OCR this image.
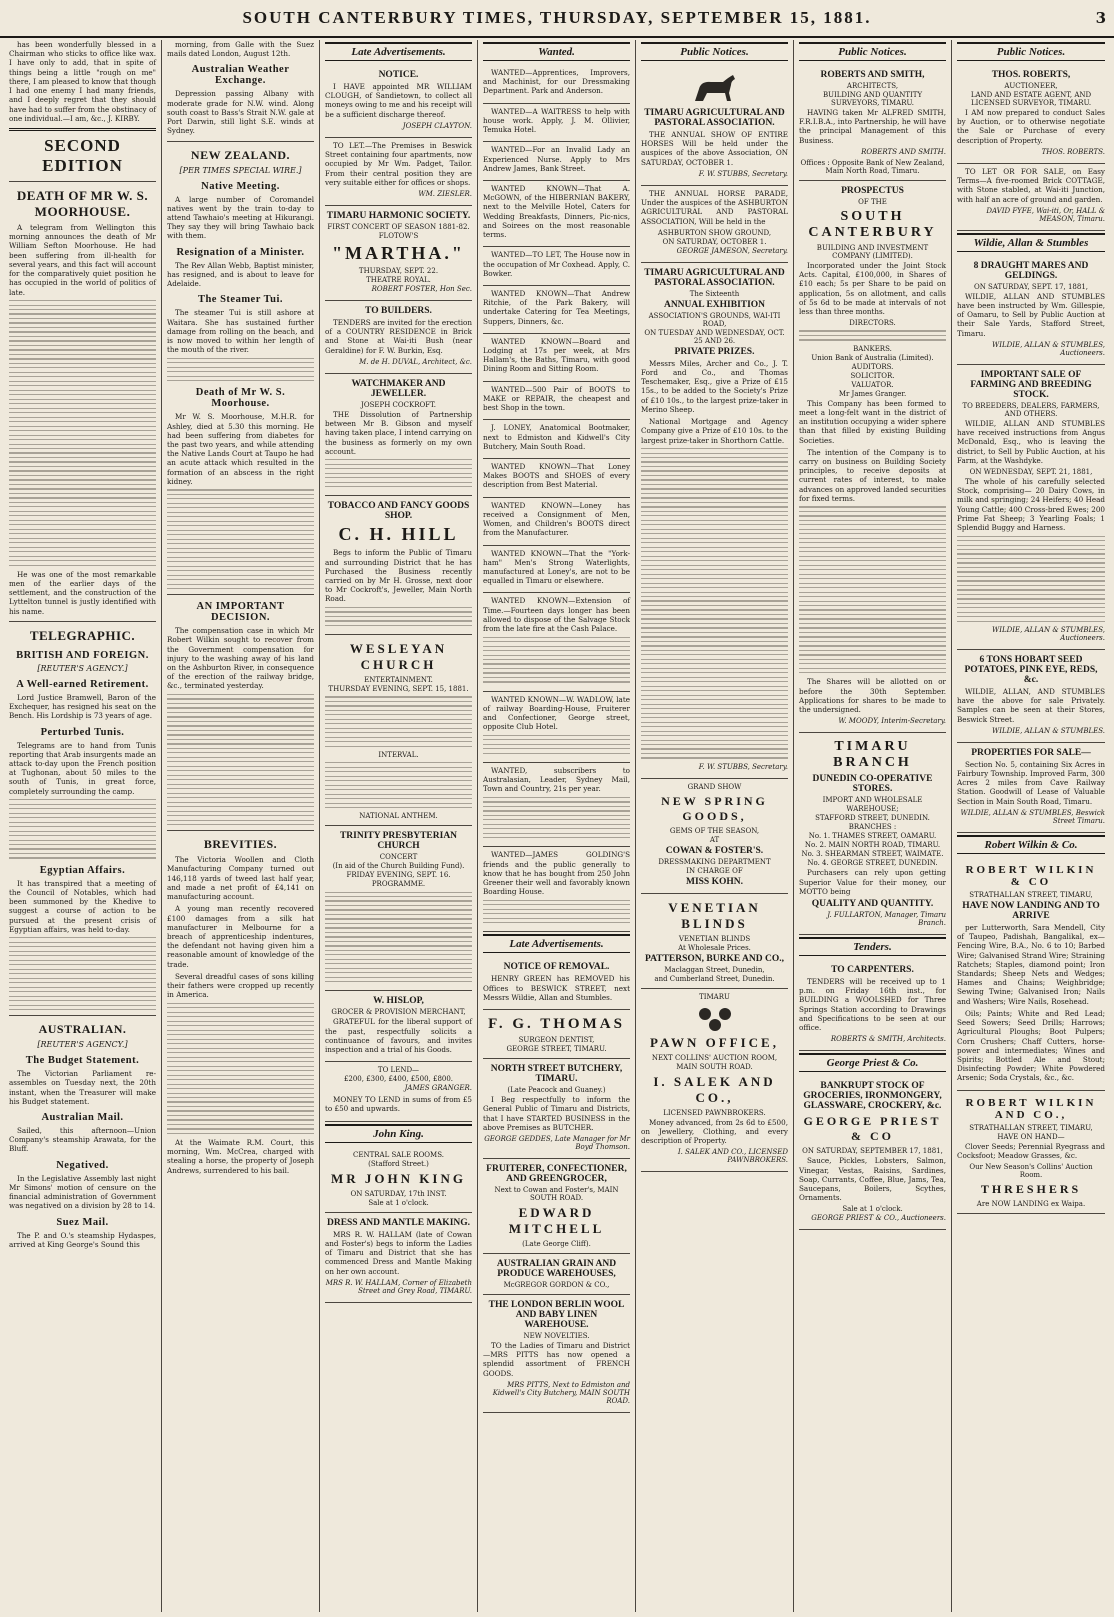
SOUTH CANTERBURY TIMES, THURSDAY, SEPTEMBER 15, 1881.	3

has been wonderfully blessed in a Chairman who sticks to office like wax. I have only to add, that in spite of things being a little "rough on me" there, I am pleased to know that though I had one enemy I had many friends, and I deeply regret that they should have had to suffer from the obstinacy of one individual.—I am, &c., J. KIRBY.

SECOND EDITION
DEATH OF MR W. S. MOORHOUSE.

A telegram from Wellington this morning announces the death of Mr William Sefton Moorhouse. He had been suffering from ill-health for several years, and this fact will account for the comparatively quiet position he has occupied in the world of politics of late.

He was one of the most remarkable men of the earlier days of the settlement, and the construction of the Lyttelton tunnel is justly identified with his name.

TELEGRAPHIC.
BRITISH AND FOREIGN.
[REUTER'S AGENCY.]
A Well-earned Retirement.

Lord Justice Bramwell, Baron of the Exchequer, has resigned his seat on the Bench. His Lordship is 73 years of age.

Perturbed Tunis.

Telegrams are to hand from Tunis reporting that Arab insurgents made an attack to-day upon the French position at Tughonan, about 50 miles to the south of Tunis, in great force, completely surrounding the camp.

Egyptian Affairs.

It has transpired that a meeting of the Council of Notables, which had been summoned by the Khedive to suggest a course of action to be pursued at the present crisis of Egyptian affairs, was held to-day.

AUSTRALIAN.
[REUTER'S AGENCY.]
The Budget Statement.

The Victorian Parliament re-assembles on Tuesday next, the 20th instant, when the Treasurer will make his Budget statement.

Australian Mail.

Sailed, this afternoon—Union Company's steamship Arawata, for the Bluff.

Negatived.

In the Legislative Assembly last night Mr Simons' motion of censure on the financial administration of Government was negatived on a division by 28 to 14.

Suez Mail.

The P. and O.'s steamship Hydaspes, arrived at King George's Sound this

morning, from Galle with the Suez mails dated London, August 12th.

Australian Weather Exchange.

Depression passing Albany with moderate grade for N.W. wind. Along south coast to Bass's Strait N.W. gale at Port Darwin, still light S.E. winds at Sydney.

NEW ZEALAND.
[PER TIMES SPECIAL WIRE.]
Native Meeting.

A large number of Coromandel natives went by the train to-day to attend Tawhaio's meeting at Hikurangi. They say they will bring Tawhaio back with them.

Resignation of a Minister.

The Rev Allan Webb, Baptist minister, has resigned, and is about to leave for Adelaide.

The Steamer Tui.

The steamer Tui is still ashore at Waitara. She has sustained further damage from rolling on the beach, and is now moved to within her length of the mouth of the river.

Death of Mr W. S. Moorhouse.

Mr W. S. Moorhouse, M.H.R. for Ashley, died at 5.30 this morning. He had been suffering from diabetes for the past two years, and while attending the Native Lands Court at Taupo he had an acute attack which resulted in the formation of an abscess in the right kidney.

AN IMPORTANT DECISION.

The compensation case in which Mr Robert Wilkin sought to recover from the Government compensation for injury to the washing away of his land on the Ashburton River, in consequence of the erection of the railway bridge, &c., terminated yesterday.

BREVITIES.

The Victoria Woollen and Cloth Manufacturing Company turned out 146,118 yards of tweed last half year, and made a net profit of £4,141 on manufacturing account.

A young man recently recovered £100 damages from a silk hat manufacturer in Melbourne for a breach of apprenticeship indentures, the defendant not having given him a reasonable amount of knowledge of the trade.

Several dreadful cases of sons killing their fathers were cropped up recently in America.

At the Waimate R.M. Court, this morning, Wm. McCrea, charged with stealing a horse, the property of Joseph Andrews, surrendered to his bail.

Late Advertisements.
NOTICE.

I HAVE appointed MR WILLIAM CLOUGH, of Sandietown, to collect all moneys owing to me and his receipt will be a sufficient discharge thereof.

JOSEPH CLAYTON.

TO LET.—The Premises in Beswick Street containing four apartments, now occupied by Mr Wm. Padget, Tailor. From their central position they are very suitable either for offices or shops.

WM. ZIESLER.
TIMARU HARMONIC SOCIETY.
FIRST CONCERT OF SEASON 1881-82.
FLOTOW'S
"MARTHA."
THURSDAY, SEPT. 22.
THEATRE ROYAL.
ROBERT FOSTER, Hon Sec.
TO BUILDERS.

TENDERS are invited for the erection of a COUNTRY RESIDENCE in Brick and Stone at Wai-iti Bush (near Geraldine) for F. W. Burkin, Esq.

M. de H. DUVAL, Architect, &c.
WATCHMAKER AND JEWELLER.
JOSEPH COCKROFT.

THE Dissolution of Partnership between Mr B. Gibson and myself having taken place, I intend carrying on the business as formerly on my own account.

TOBACCO AND FANCY GOODS SHOP.
C. H. HILL

Begs to inform the Public of Timaru and surrounding District that he has Purchased the Business recently carried on by Mr H. Grosse, next door to Mr Cockroft's, Jeweller, Main North Road.

WESLEYAN CHURCH
ENTERTAINMENT.
THURSDAY EVENING, SEPT. 15, 1881.
INTERVAL.
NATIONAL ANTHEM.
TRINITY PRESBYTERIAN CHURCH
CONCERT
(In aid of the Church Building Fund).
FRIDAY EVENING, SEPT. 16.
PROGRAMME.
W. HISLOP,
GROCER & PROVISION MERCHANT,

GRATEFUL for the liberal support of the past, respectfully solicits a continuance of favours, and invites inspection and a trial of his Goods.

TO LEND—
£200, £300, £400, £500, £800.
JAMES GRANGER.

MONEY TO LEND in sums of from £5 to £50 and upwards.

John King.
CENTRAL SALE ROOMS.
(Stafford Street.)
MR JOHN KING
ON SATURDAY, 17th INST.
Sale at 1 o'clock.
DRESS AND MANTLE MAKING.

MRS R. W. HALLAM (late of Cowan and Foster's) begs to inform the Ladies of Timaru and District that she has commenced Dress and Mantle Making on her own account.

MRS R. W. HALLAM, Corner of Elizabeth Street and Grey Road, TIMARU.
Wanted.

WANTED—Apprentices, Improvers, and Machinist, for our Dressmaking Department. Park and Anderson.

WANTED—A WAITRESS to help with house work. Apply, J. M. Ollivier, Temuka Hotel.

WANTED—For an Invalid Lady an Experienced Nurse. Apply to Mrs Andrew James, Bank Street.

WANTED KNOWN—That A. McGOWN, of the HIBERNIAN BAKERY, next to the Melville Hotel, Caters for Wedding Breakfasts, Dinners, Pic-nics, and Soirees on the most reasonable terms.

WANTED—TO LET, The House now in the occupation of Mr Coxhead. Apply, C. Bowker.

WANTED KNOWN—That Andrew Ritchie, of the Park Bakery, will undertake Catering for Tea Meetings, Suppers, Dinners, &c.

WANTED KNOWN—Board and Lodging at 17s per week, at Mrs Hallam's, the Baths, Timaru, with good Dining Room and Sitting Room.

WANTED—500 Pair of BOOTS to MAKE or REPAIR, the cheapest and best Shop in the town.

J. LONEY, Anatomical Bootmaker, next to Edmiston and Kidwell's City Butchery, Main South Road.

WANTED KNOWN—That Loney Makes BOOTS and SHOES of every description from Best Material.

WANTED KNOWN—Loney has received a Consignment of Men, Women, and Children's BOOTS direct from the Manufacturer.

WANTED KNOWN—That the "York-ham" Men's Strong Waterlights, manufactured at Loney's, are not to be equalled in Timaru or elsewhere.

WANTED KNOWN—Extension of Time.—Fourteen days longer has been allowed to dispose of the Salvage Stock from the late fire at the Cash Palace.

WANTED KNOWN—W. WADLOW, late of railway Boarding-House, Fruiterer and Confectioner, George street, opposite Club Hotel.

WANTED, subscribers to Australasian, Leader, Sydney Mail, Town and Country, 21s per year.

WANTED—JAMES GOLDING'S friends and the public generally to know that he has bought from 250 John Greener their well and favorably known Boarding House.

Late Advertisements.
NOTICE OF REMOVAL.

HENRY GREEN has REMOVED his Offices to BESWICK STREET, next Messrs Wildie, Allan and Stumbles.

F. G. THOMAS
SURGEON DENTIST,
GEORGE STREET, TIMARU.
NORTH STREET BUTCHERY, TIMARU.
(Late Peacock and Guaney.)

I Beg respectfully to inform the General Public of Timaru and Districts, that I have STARTED BUSINESS in the above Premises as BUTCHER.

GEORGE GEDDES, Late Manager for Mr Boyd Thomson.
FRUITERER, CONFECTIONER, AND GREENGROCER,
Next to Cowan and Foster's, MAIN SOUTH ROAD.
EDWARD MITCHELL
(Late George Cliff).
AUSTRALIAN GRAIN AND PRODUCE WAREHOUSES,
McGREGOR GORDON & CO.,
THE LONDON BERLIN WOOL AND BABY LINEN WAREHOUSE.
NEW NOVELTIES.

TO the Ladies of Timaru and District—MRS PITTS has now opened a splendid assortment of FRENCH GOODS.

MRS PITTS, Next to Edmiston and Kidwell's City Butchery, MAIN SOUTH ROAD.
Public Notices.
TIMARU AGRICULTURAL AND PASTORAL ASSOCIATION.

THE ANNUAL SHOW OF ENTIRE HORSES Will be held under the auspices of the above Association, ON SATURDAY, OCTOBER 1.

F. W. STUBBS, Secretary.

THE ANNUAL HORSE PARADE, Under the auspices of the ASHBURTON AGRICULTURAL AND PASTORAL ASSOCIATION, Will be held in the

ASHBURTON SHOW GROUND,
ON SATURDAY, OCTOBER 1.
GEORGE JAMESON, Secretary.
TIMARU AGRICULTURAL AND PASTORAL ASSOCIATION.
The Sixteenth
ANNUAL EXHIBITION
ASSOCIATION'S GROUNDS, WAI-ITI ROAD,
ON TUESDAY AND WEDNESDAY, OCT. 25 AND 26.
PRIVATE PRIZES.

Messrs Miles, Archer and Co., J. T. Ford and Co., and Thomas Teschemaker, Esq., give a Prize of £15 15s., to be added to the Society's Prize of £10 10s., to the largest prize-taker in Merino Sheep.

National Mortgage and Agency Company give a Prize of £10 10s. to the largest prize-taker in Shorthorn Cattle.

F. W. STUBBS, Secretary.
GRAND SHOW
NEW SPRING GOODS,
GEMS OF THE SEASON,
AT
COWAN & FOSTER'S.
DRESSMAKING DEPARTMENT
IN CHARGE OF
MISS KOHN.
VENETIAN BLINDS
VENETIAN BLINDS
At Wholesale Prices.
PATTERSON, BURKE AND CO.,
Maclaggan Street, Dunedin,
and Cumberland Street, Dunedin.
TIMARU
PAWN OFFICE,
NEXT COLLINS' AUCTION ROOM,
MAIN SOUTH ROAD.
I. SALEK AND CO.,
LICENSED PAWNBROKERS.

Money advanced, from 2s 6d to £500, on Jewellery, Clothing, and every description of Property.

I. SALEK AND CO., LICENSED PAWNBROKERS.
Public Notices.
ROBERTS AND SMITH,
ARCHITECTS,
BUILDING AND QUANTITY SURVEYORS, TIMARU.

HAVING taken Mr ALFRED SMITH, F.R.I.B.A., into Partnership, he will have the principal Management of this Business.

ROBERTS AND SMITH.
Offices : Opposite Bank of New Zealand, Main North Road, Timaru.
PROSPECTUS
OF THE
SOUTH CANTERBURY
BUILDING AND INVESTMENT COMPANY (LIMITED).

Incorporated under the Joint Stock Acts. Capital, £100,000, in Shares of £10 each; 5s per Share to be paid on application, 5s on allotment, and calls of 5s 6d to be made at intervals of not less than three months.

DIRECTORS.
BANKERS.
Union Bank of Australia (Limited).
AUDITORS.
SOLICITOR.
VALUATOR.
Mr James Granger.

This Company has been formed to meet a long-felt want in the district of an institution occupying a wider sphere than that filled by existing Building Societies.

The intention of the Company is to carry on business on Building Society principles, to receive deposits at current rates of interest, to make advances on approved landed securities for fixed terms.

The Shares will be allotted on or before the 30th September. Applications for shares to be made to the undersigned.

W. MOODY, Interim-Secretary.
TIMARU BRANCH
DUNEDIN CO-OPERATIVE STORES.
IMPORT AND WHOLESALE
WAREHOUSE;
STAFFORD STREET, DUNEDIN.
BRANCHES :
No. 1. THAMES STREET, OAMARU.
No. 2. MAIN NORTH ROAD, TIMARU.
No. 3. SHEARMAN STREET, WAIMATE.
No. 4. GEORGE STREET, DUNEDIN.

Purchasers can rely upon getting Superior Value for their money, our MOTTO being

QUALITY AND QUANTITY.
J. FULLARTON, Manager, Timaru Branch.
Tenders.
TO CARPENTERS.

TENDERS will be received up to 1 p.m. on Friday 16th inst., for BUILDING a WOOLSHED for Three Springs Station according to Drawings and Specifications to be seen at our office.

ROBERTS & SMITH, Architects.
George Priest & Co.
BANKRUPT STOCK OF GROCERIES, IRONMONGERY, GLASSWARE, CROCKERY, &c.
GEORGE PRIEST & CO
ON SATURDAY, SEPTEMBER 17, 1881,

Sauce, Pickles, Lobsters, Salmon, Vinegar, Vestas, Raisins, Sardines, Soap, Currants, Coffee, Blue, Jams, Tea, Saucepans, Boilers, Scythes, Ornaments.

Sale at 1 o'clock.
GEORGE PRIEST & CO., Auctioneers.
Public Notices.
THOS. ROBERTS,
AUCTIONEER,
LAND AND ESTATE AGENT, AND LICENSED SURVEYOR, TIMARU.

I AM now prepared to conduct Sales by Auction, or to otherwise negotiate the Sale or Purchase of every description of Property.

THOS. ROBERTS.

TO LET OR FOR SALE, on Easy Terms—A five-roomed Brick COTTAGE, with Stone stabled, at Wai-iti Junction, with half an acre of ground and garden.

DAVID FYFE, Wai-iti, Or, HALL & MEASON, Timaru.
Wildie, Allan & Stumbles
8 DRAUGHT MARES AND GELDINGS.
ON SATURDAY, SEPT. 17, 1881,

WILDIE, ALLAN AND STUMBLES have been instructed by Wm. Gillespie, of Oamaru, to Sell by Public Auction at their Sale Yards, Stafford Street, Timaru.

WILDIE, ALLAN & STUMBLES, Auctioneers.
IMPORTANT SALE OF FARMING AND BREEDING STOCK.
TO BREEDERS, DEALERS, FARMERS, AND OTHERS.

WILDIE, ALLAN AND STUMBLES have received instructions from Angus McDonald, Esq., who is leaving the district, to Sell by Public Auction, at his Farm, at the Washdyke.

ON WEDNESDAY, SEPT. 21, 1881,

The whole of his carefully selected Stock, comprising— 20 Dairy Cows, in milk and springing; 24 Heifers; 40 Head Young Cattle; 400 Cross-bred Ewes; 200 Prime Fat Sheep; 3 Yearling Foals; 1 Splendid Buggy and Harness.

WILDIE, ALLAN & STUMBLES, Auctioneers.
6 TONS HOBART SEED POTATOES, PINK EYE, REDS, &c.

WILDIE, ALLAN, AND STUMBLES have the above for sale Privately. Samples can be seen at their Stores, Beswick Street.

WILDIE, ALLAN & STUMBLES.
PROPERTIES FOR SALE—

Section No. 5, containing Six Acres in Fairbury Township. Improved Farm, 300 Acres 2 miles from Cave Railway Station. Goodwill of Lease of Valuable Section in Main South Road, Timaru.

WILDIE, ALLAN & STUMBLES, Beswick Street Timaru.
Robert Wilkin & Co.
ROBERT WILKIN & CO
STRATHALLAN STREET, TIMARU,
HAVE NOW LANDING AND TO ARRIVE

per Lutterworth, Sara Mendell, City of Taupeo, Padishah, Bangalikal, ex— Fencing Wire, B.A., No. 6 to 10; Barbed Wire; Galvanised Strand Wire; Straining Ratchets; Staples, diamond point; Iron Standards; Sheep Nets and Wedges; Hames and Chains; Weighbridge; Sewing Twine; Galvanised Iron; Nails and Washers; Wire Nails, Rosehead.

Oils; Paints; White and Red Lead; Seed Sowers; Seed Drills; Harrows; Agricultural Ploughs; Boot Pulpers; Corn Crushers; Chaff Cutters, horse-power and intermediates; Wines and Spirits; Bottled Ale and Stout; Disinfecting Powder; White Powdered Arsenic; Soda Crystals, &c., &c.

ROBERT WILKIN AND CO.,
STRATHALLAN STREET, TIMARU,
HAVE ON HAND—

Clover Seeds; Perennial Ryegrass and Cocksfoot; Meadow Grasses, &c.

Our New Season's Collins' Auction Room.
THRESHERS
Are NOW LANDING ex Waipa.
